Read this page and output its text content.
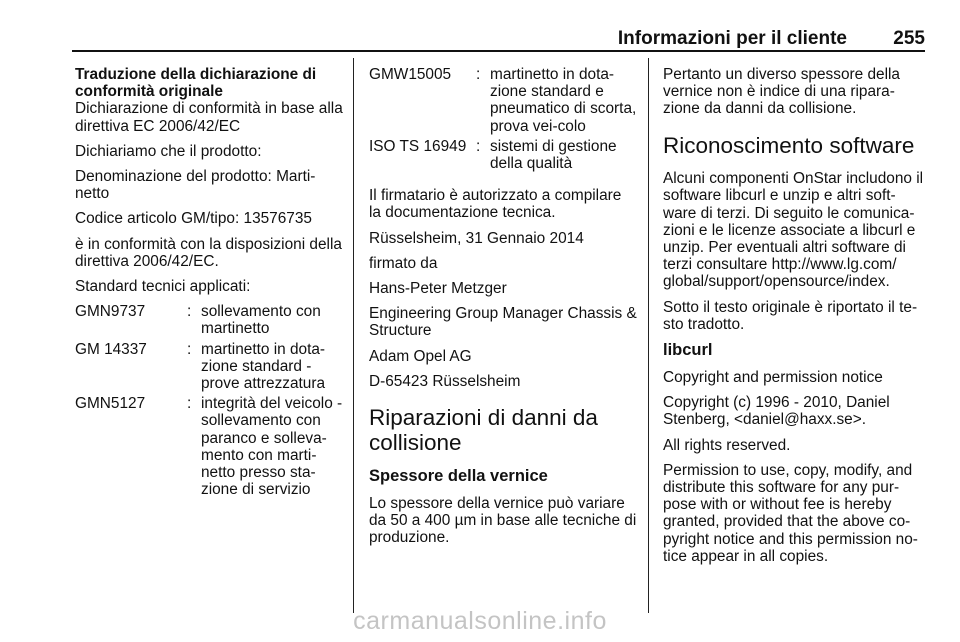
Informazioni per il cliente 255

Traduzione della dichiarazione di conformità originale

Dichiarazione di conformità in base alla direttiva EC 2006/42/EC

Dichiariamo che il prodotto:

Denominazione del prodotto: Marti-netto

Codice articolo GM/tipo: 13576735

è in conformità con la disposizioni della direttiva 2006/42/EC.

Standard tecnici applicati:

GMN9737	:	sollevamento con martinetto
GM 14337	:	martinetto in dota-zione standard - prove attrezzatura
GMN5127	:	integrità del veicolo - sollevamento con paranco e solleva-mento con marti-netto presso sta-zione di servizio
GMW15005	:	martinetto in dota-zione standard e pneumatico di scorta, prova vei-colo
ISO TS 16949	:	sistemi di gestione della qualità

Il firmatario è autorizzato a compilare la documentazione tecnica.

Rüsselsheim, 31 Gennaio 2014

firmato da

Hans-Peter Metzger

Engineering Group Manager Chassis & Structure

Adam Opel AG

D-65423 Rüsselsheim

Riparazioni di danni da collisione
Spessore della vernice

Lo spessore della vernice può variare da 50 a 400 µm in base alle tecniche di produzione.

Pertanto un diverso spessore della vernice non è indice di una ripara-zione da danni da collisione.

Riconoscimento software

Alcuni componenti OnStar includono il software libcurl e unzip e altri soft-ware di terzi. Di seguito le comunica-zioni e le licenze associate a libcurl e unzip. Per eventuali altri software di terzi consultare http://www.lg.com/ global/support/opensource/index.

Sotto il testo originale è riportato il te-sto tradotto.

libcurl

Copyright and permission notice

Copyright (c) 1996 - 2010, Daniel Stenberg, <daniel@haxx.se>.

All rights reserved.

Permission to use, copy, modify, and distribute this software for any pur-pose with or without fee is hereby granted, provided that the above co-pyright notice and this permission no-tice appear in all copies.

carmanualsonline.info
